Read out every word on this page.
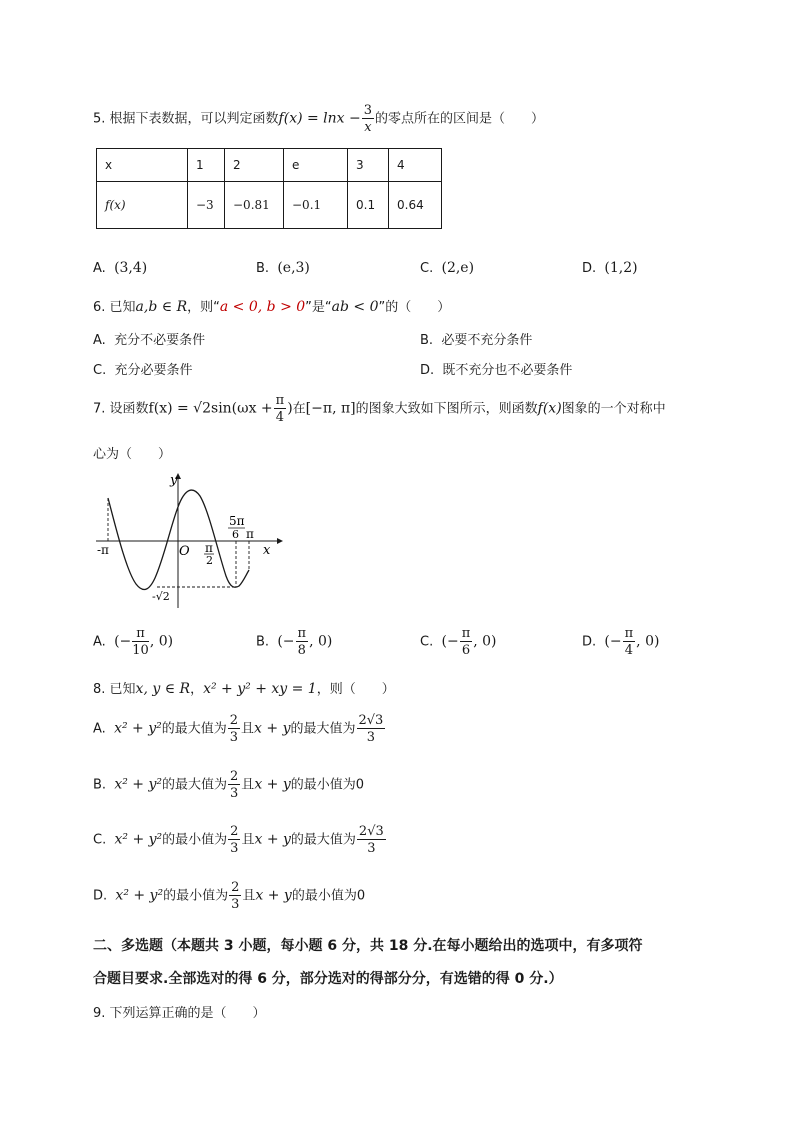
5. 根据下表数据，可以判定函数$f(x) = \ln x - \frac{3}{x}$ 的零点所在的区间是（　　）
x	1	2	e	3	4
f(x)	−3	−0.81	−0.1	0.1	0.64
A. (3,4)	B. (e,3)	C. (2,e)	D. (1,2)
6. 已知a,b ∈ R，则“a < 0, b > 0”是“ab < 0”的（　　）
A. 充分不必要条件	B. 必要不充分条件
C. 充分必要条件	D. 既不充分也不必要条件
7. 设函数$f(x) = √2\sin(\omega x + \frac{\pi}{4}$ )在[−π, π]的图象大致如下图所示，则函数f(x)图象的一个对称中
心为（　　）
y
x
O
-π	π
2
5π
6 π
-√2
A. (− $\frac{\pi}{10}$ , 0)	B. (− $\frac{\pi}{8}$ , 0)	C. (− $\frac{\pi}{6}$ , 0)	D. (− $\frac{\pi}{4}$ , 0)
8. 已知x, y ∈ R，x² + y² + xy = 1，则（　　）
A. x² + y²的最大值为 $\frac{2}{3}$ 且x + y的最大值为 $\frac{2√3}{3}$
B. x² + y²的最大值为 $\frac{2}{3}$ 且x + y的最小值为0
C. x² + y²的最小值为 $\frac{2}{3}$ 且x + y的最大值为 $\frac{2√3}{3}$
D. x² + y²的最小值为 $\frac{2}{3}$ 且x + y的最小值为0
二、多选题（本题共 3 小题，每小题 6 分，共 18 分.在每小题给出的选项中，有多项符
合题目要求.全部选对的得 6 分，部分选对的得部分分，有选错的得 0 分.）
9. 下列运算正确的是（　　）
